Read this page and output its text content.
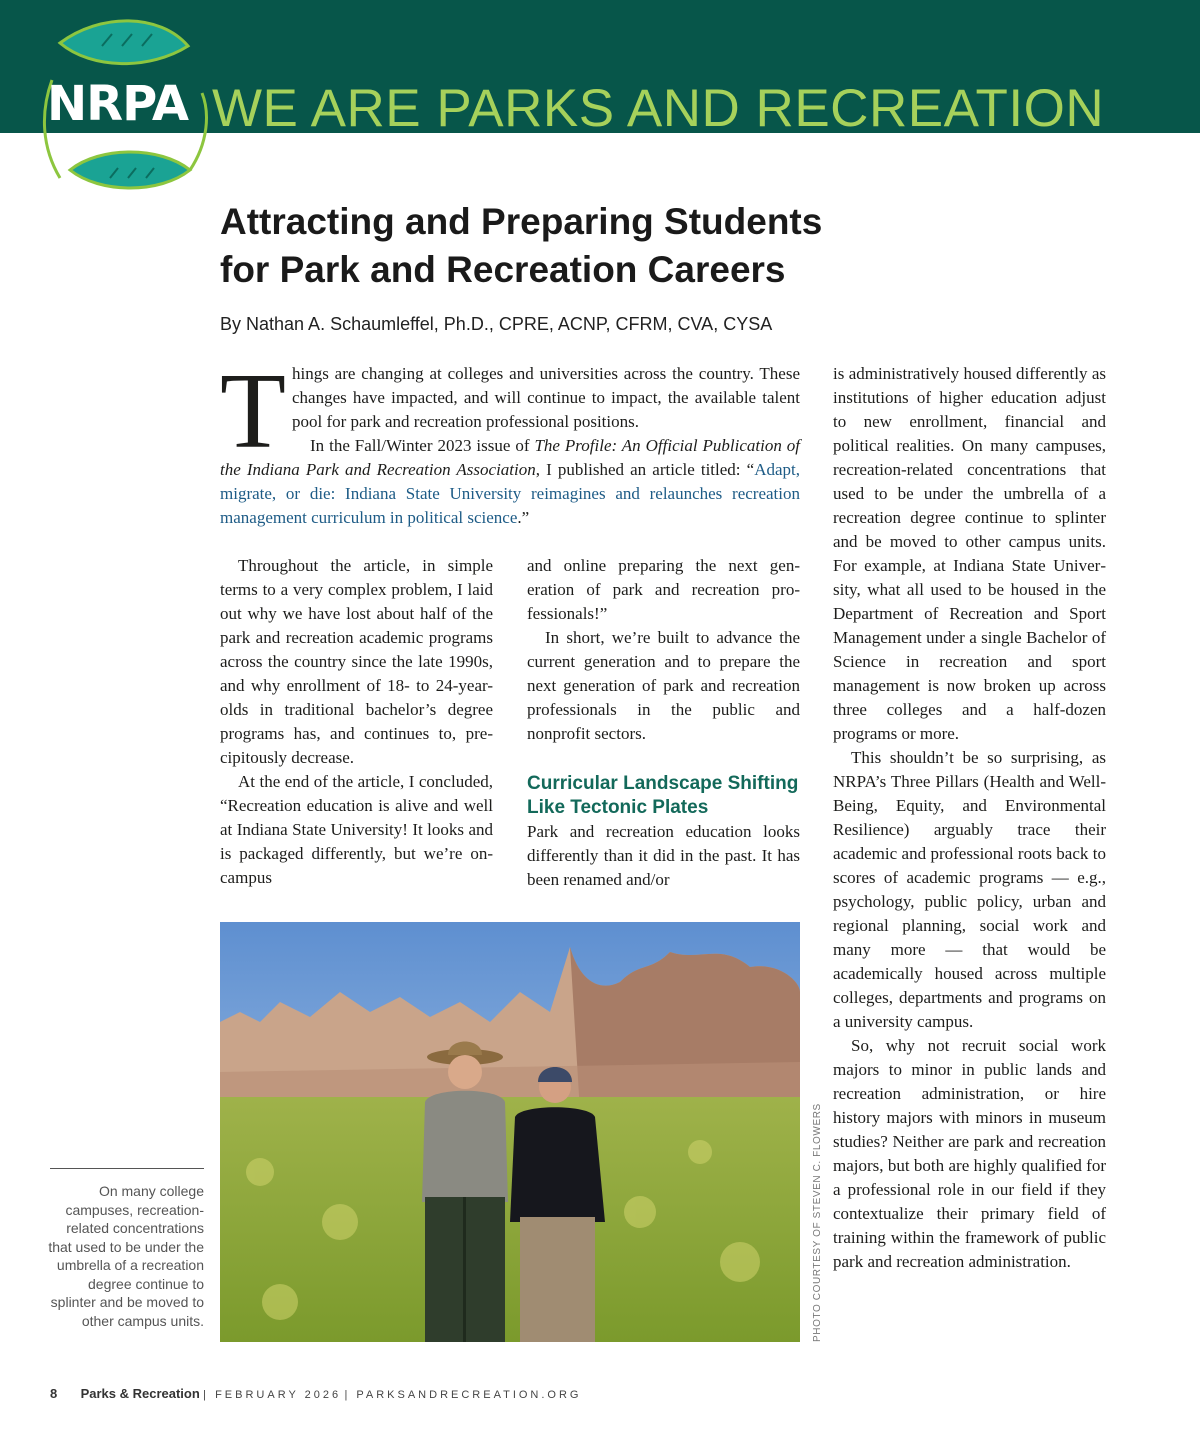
NRPA WE ARE PARKS AND RECREATION
Attracting and Preparing Students
for Park and Recreation Careers
By Nathan A. Schaumleffel, Ph.D., CPRE, ACNP, CFRM, CVA, CYSA
T hings are changing at colleges and universities across the country. These changes have impacted, and will continue to impact, the available talent pool for park and recreation professional positions.

In the Fall/Winter 2023 issue of The Profile: An Official Publication of the Indiana Park and Recreation Association, I published an article titled: “Adapt, migrate, or die: Indiana State University reimagines and relaunches recreation management curriculum in political science.”

Throughout the article, in simple terms to a very complex problem, I laid out why we have lost about half of the park and recreation academic programs across the country since the late 1990s, and why enrollment of 18- to 24-year-olds in traditional bachelor’s degree programs has, and continues to, precipitously decrease.

At the end of the article, I concluded, “Recreation education is alive and well at Indiana State University! It looks and is packaged differently, but we’re on-campus

and online preparing the next generation of park and recreation professionals!”

In short, we’re built to advance the current generation and to prepare the next generation of park and recreation professionals in the public and nonprofit sectors.

Curricular Landscape Shifting Like Tectonic Plates

Park and recreation education looks differently than it did in the past. It has been renamed and/or

is administratively housed differently as institutions of higher education adjust to new enrollment, financial and political realities. On many campuses, recreation-related concentrations that used to be under the umbrella of a recreation degree continue to splinter and be moved to other campus units. For example, at Indiana State University, what all used to be housed in the Department of Recreation and Sport Management under a single Bachelor of Science in recreation and sport management is now broken up across three colleges and a half-dozen programs or more.

This shouldn’t be so surprising, as NRPA’s Three Pillars (Health and Well-Being, Equity, and Environmental Resilience) arguably trace their academic and professional roots back to scores of academic programs — e.g., psychology, public policy, urban and regional planning, social work and many more — that would be academically housed across multiple colleges, departments and programs on a university campus.

So, why not recruit social work majors to minor in public lands and recreation administration, or hire history majors with minors in museum studies? Neither are park and recreation majors, but both are highly qualified for a professional role in our field if they contextualize their primary field of training within the framework of public park and recreation administration.

PHOTO COURTESY OF STEVEN C. FLOWERS
On many college campuses, recreation-related concentrations that used to be under the umbrella of a recreation degree continue to splinter and be moved to other campus units.
8 Parks & Recreation | FEBRUARY 2026 | PARKSANDRECREATION.ORG
